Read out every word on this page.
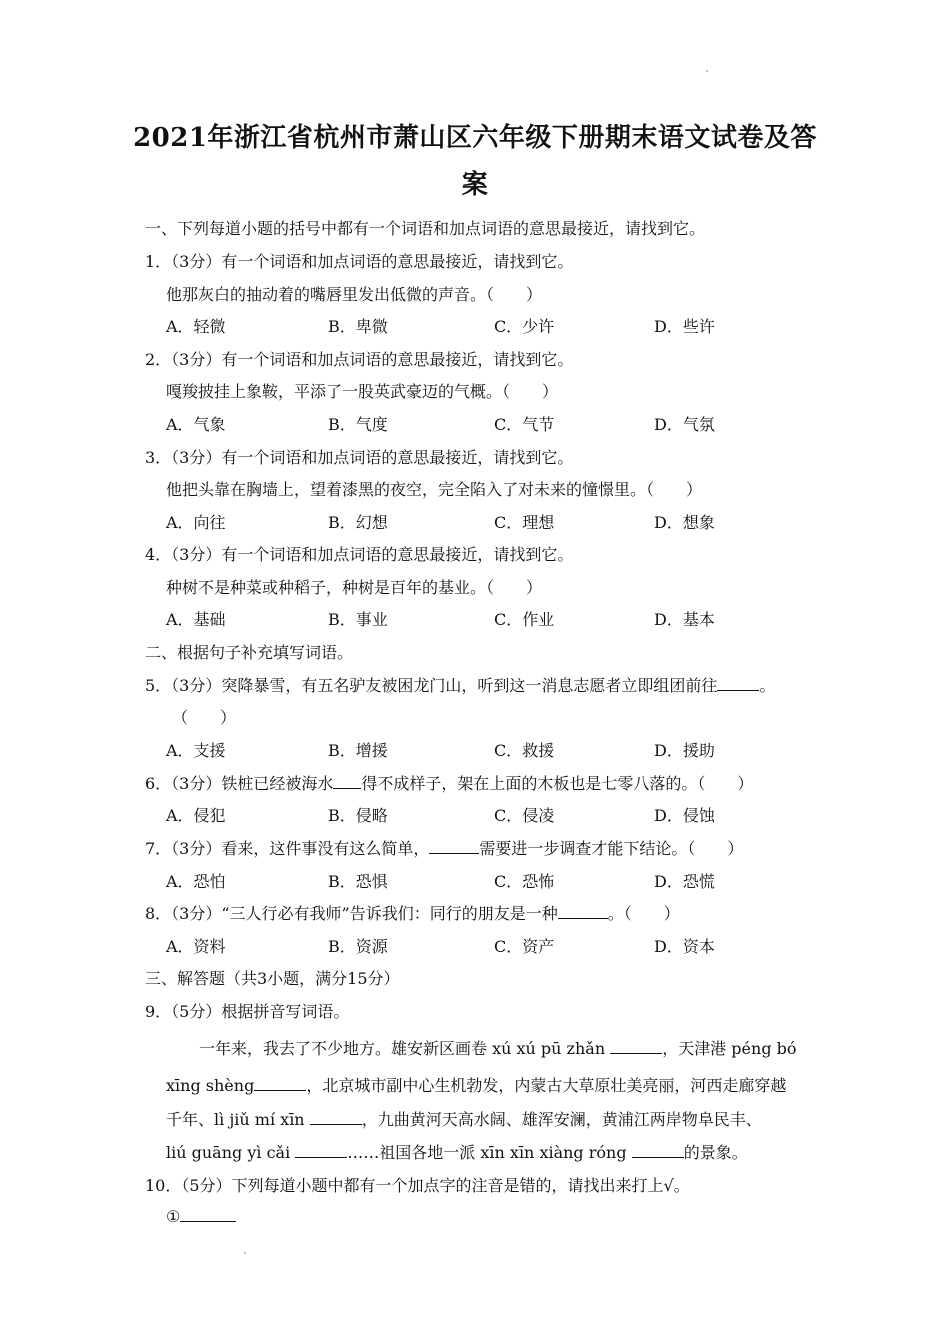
2021年浙江省杭州市萧山区六年级下册期末语文试卷及答
案
一、下列每道小题的括号中都有一个词语和加点词语的意思最接近，请找到它。
1．（3分）有一个词语和加点词语的意思最接近，请找到它。
他那灰白的抽动着的嘴唇里发出低微的声音。（　　）
A．轻微	B．卑微	C．少许	D．些许
2．（3分）有一个词语和加点词语的意思最接近，请找到它。
嘎羧披挂上象鞍，平添了一股英武豪迈的气概。（　　）
A．气象	B．气度	C．气节	D．气氛
3．（3分）有一个词语和加点词语的意思最接近，请找到它。
他把头靠在胸墙上，望着漆黑的夜空，完全陷入了对未来的憧憬里。（　　）
A．向往	B．幻想	C．理想	D．想象
4．（3分）有一个词语和加点词语的意思最接近，请找到它。
种树不是种菜或种稻子，种树是百年的基业。（　　）
A．基础	B．事业	C．作业	D．基本
二、根据句子补充填写词语。
5．（3分）突降暴雪，有五名驴友被困龙门山，听到这一消息志愿者立即组团前往	。
（　　）
A．支援	B．增援	C．救援	D．援助
6．（3分）铁桩已经被海水 得不成样子，架在上面的木板也是七零八落的。（　　）
A．侵犯	B．侵略	C．侵凌	D．侵蚀
7．（3分）看来，这件事没有这么简单，	需要进一步调查才能下结论。（　　）
A．恐怕	B．恐惧	C．恐怖	D．恐慌
8．（3分）“三人行必有我师”告诉我们：同行的朋友是一种	。（　　）
A．资料	B．资源	C．资产	D．资本
三、解答题（共3小题，满分15分）
9．（5分）根据拼音写词语。
一年来，我去了不少地方。雄安新区画卷 xú xú pū zhǎn	，天津港 péng bó
xīng shèng	，北京城市副中心生机勃发，内蒙古大草原壮美亮丽，河西走廊穿越
千年、lì jiǔ mí xīn	，九曲黄河天高水阔、雄浑安澜，黄浦江两岸物阜民丰、
liú guāng yì cǎi	……祖国各地一派 xīn xīn xiàng róng	的景象。
10．（5分）下列每道小题中都有一个加点字的注音是错的，请找出来打上√。
①
